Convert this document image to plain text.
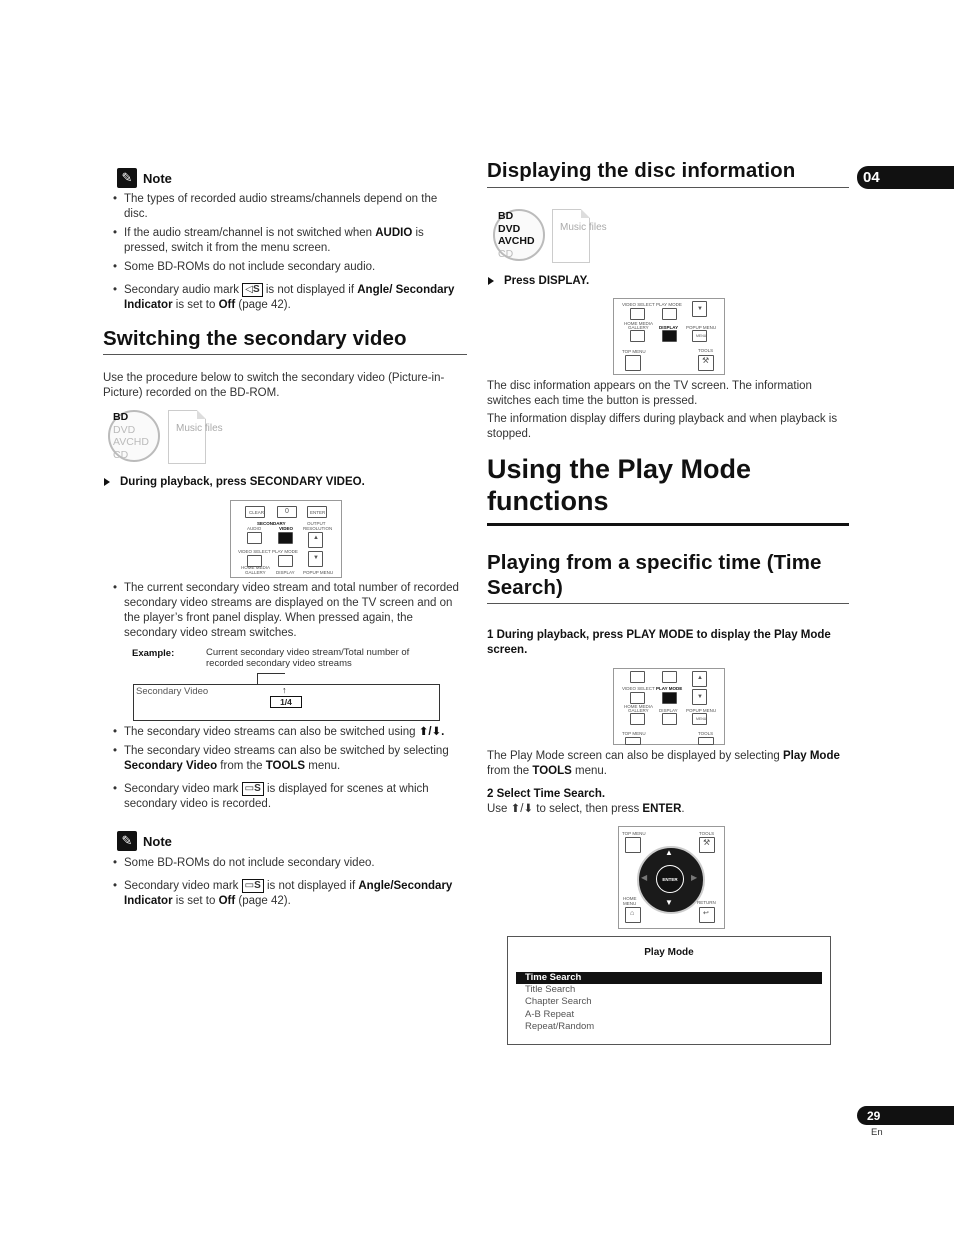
04
✎ Note
• The types of recorded audio streams/channels depend on the disc.
• If the audio stream/channel is not switched when AUDIO is pressed, switch it from the menu screen.
• Some BD-ROMs do not include secondary audio.
• Secondary audio mark ◁S is not displayed if Angle/ Secondary Indicator is set to Off (page 42).
Switching the secondary video

Use the procedure below to switch the secondary video (Picture-in-Picture) recorded on the BD-ROM.

BD
DVD
AVCHD
CD
Music files

During playback, press SECONDARY VIDEO.

CLEAR	0	ENTER
SECONDARY
AUDIO	VIDEO
OUTPUT
RESOLUTION
▲
VIDEO SELECT PLAY MODE
▼
HOME MEDIA
GALLERY DISPLAY POPUP MENU
• The current secondary video stream and total number of recorded secondary video streams are displayed on the TV screen and on the player’s front panel display. When pressed again, the secondary video stream switches.
Example:	Current secondary video stream/Total number of recorded secondary video streams
Secondary Video	↑
1/4
• The secondary video streams can also be switched using ⬆/⬇.
• The secondary video streams can also be switched by selecting Secondary Video from the TOOLS menu.
• Secondary video mark ▭S is displayed for scenes at which secondary video is recorded.
✎ Note
• Some BD-ROMs do not include secondary video.
• Secondary video mark ▭S is not displayed if Angle/Secondary Indicator is set to Off (page 42).
Displaying the disc information
BD
DVD
AVCHD
CD
Music files

Press DISPLAY.

VIDEO SELECT PLAY MODE
▼
HOME MEDIA
GALLERY DISPLAY POPUP MENU
MENU
TOP MENU	TOOLS
⚒

The disc information appears on the TV screen. The information switches each time the button is pressed.

The information display differs during playback and when playback is stopped.

Using the Play Mode functions
Playing from a specific time (Time Search)

1 During playback, press PLAY MODE to display the Play Mode screen.

▲
VIDEO SELECT PLAY MODE
▼
HOME MEDIA
GALLERY DISPLAY POPUP MENU
MENU
TOP MENU	TOOLS

The Play Mode screen can also be displayed by selecting Play Mode from the TOOLS menu.

2 Select Time Search.

Use ⬆/⬇ to select, then press ENTER.

TOP MENU	TOOLS
⚒
▲
▼
◀	▶
ENTER
HOME MENU	RETURN
⌂	↩
Play Mode
Time Search
Title Search
Chapter Search
A-B Repeat
Repeat/Random
29
En
